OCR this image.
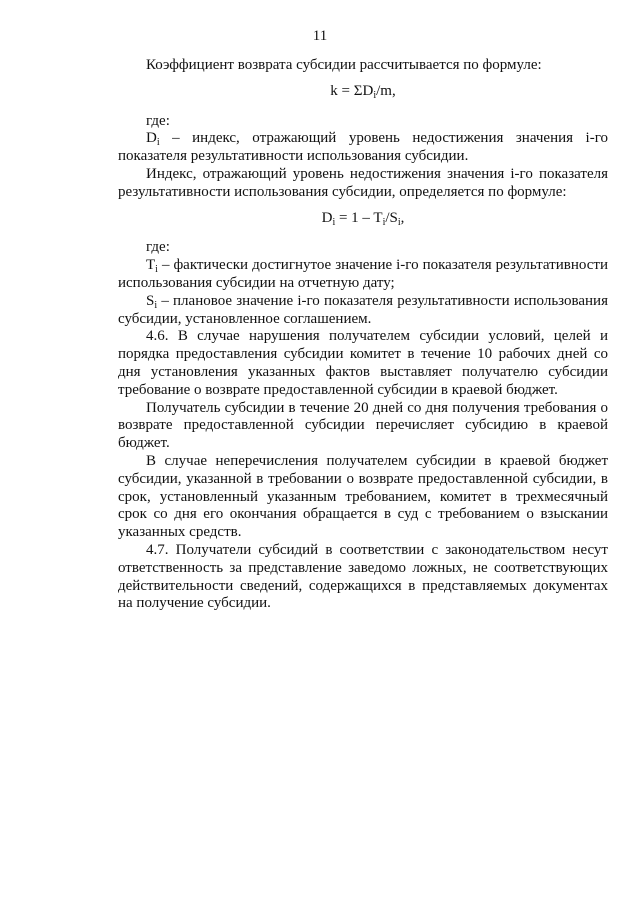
11

Коэффициент возврата субсидии рассчитывается по формуле:

$k = \Sigma D_i/m$,

где:

$D_i$ – индекс, отражающий уровень недостижения значения i-го показателя результативности использования субсидии.

Индекс, отражающий уровень недостижения значения i-го показателя результативности использования субсидии, определяется по формуле:

$D_i = 1 - T_i/S_i$,

где:

$T_i$ – фактически достигнутое значение i-го показателя результативности использования субсидии на отчетную дату;

$S_i$ – плановое значение i-го показателя результативности использования субсидии, установленное соглашением.

4.6. В случае нарушения получателем субсидии условий, целей и порядка предоставления субсидии комитет в течение 10 рабочих дней со дня установления указанных фактов выставляет получателю субсидии требование о возврате предоставленной субсидии в краевой бюджет.

Получатель субсидии в течение 20 дней со дня получения требования о возврате предоставленной субсидии перечисляет субсидию в краевой бюджет.

В случае неперечисления получателем субсидии в краевой бюджет субсидии, указанной в требовании о возврате предоставленной субсидии, в срок, установленный указанным требованием, комитет в трехмесячный срок со дня его окончания обращается в суд с требованием о взыскании указанных средств.

4.7. Получатели субсидий в соответствии с законодательством несут ответственность за представление заведомо ложных, не соответствующих действительности сведений, содержащихся в представляемых документах на получение субсидии.
